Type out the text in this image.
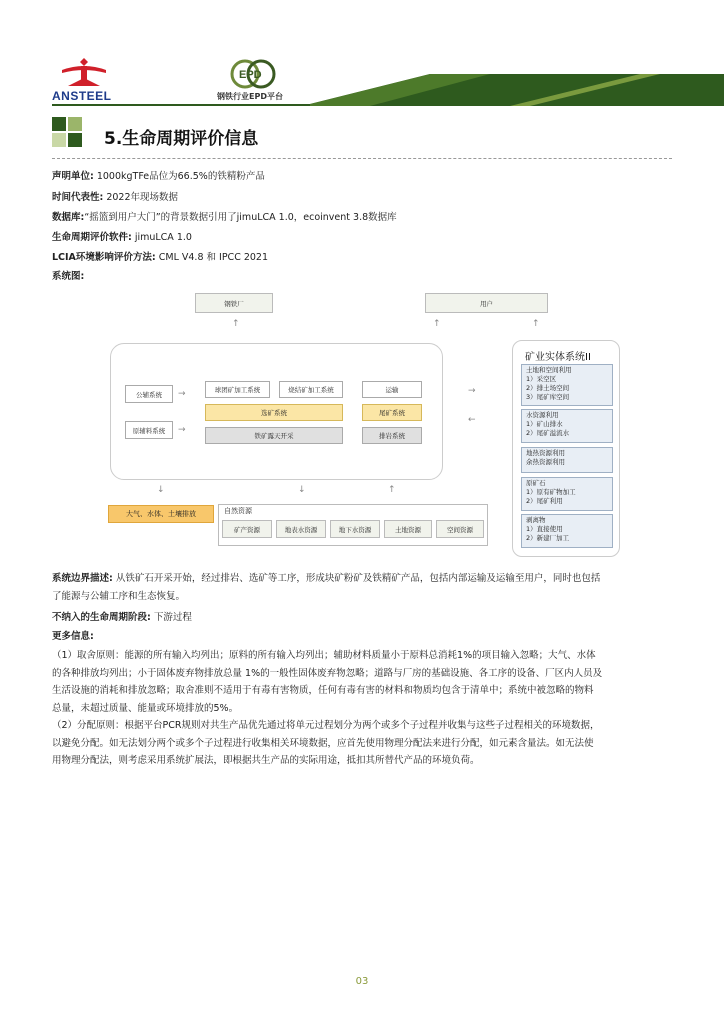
ANSTEEL
EPD
钢铁行业EPD平台
5.生命周期评价信息
声明单位: 1000kgTFe品位为66.5%的铁精粉产品
时间代表性: 2022年现场数据
数据库:“摇篮到用户大门”的背景数据引用了jimuLCA 1.0，ecoinvent 3.8数据库
生命周期评价软件: jimuLCA 1.0
LCIA环境影响评价方法: CML V4.8 和 IPCC 2021
系统图:
钢铁厂	用户
↑	↑	↑
公辅系统
原辅料系统
→
→
球团矿加工系统	烧结矿加工系统
选矿系统
铁矿露天开采
运输
尾矿系统
排岩系统
→
←
↓	↓	↑
大气、水体、土壤排放	自然资源
矿产资源	地表水资源	地下水资源	土地资源	空间资源
矿业实体系统II
土地和空间利用
1）采空区
2）排土场空间
3）尾矿库空间
水资源利用
1）矿山排水
2）尾矿溢流水
地热资源利用
余热资源利用
原矿石
1）原有矿物加工
2）尾矿利用
剥离物
1）直接使用
2）新建厂加工
系统边界描述: 从铁矿石开采开始，经过排岩、选矿等工序，形成块矿粉矿及铁精矿产品，包括内部运输及运输至用户，同时也包括
了能源与公辅工序和生态恢复。
不纳入的生命周期阶段: 下游过程
更多信息:
（1）取舍原则：能源的所有输入均列出；原料的所有输入均列出；辅助材料质量小于原料总消耗1%的项目输入忽略；大气、水体
的各种排放均列出；小于固体废弃物排放总量 1%的一般性固体废弃物忽略；道路与厂房的基础设施、各工序的设备、厂区内人员及
生活设施的消耗和排放忽略；取舍准则不适用于有毒有害物质，任何有毒有害的材料和物质均包含于清单中；系统中被忽略的物料
总量，未超过质量、能量或环境排放的5%。
（2）分配原则：根据平台PCR规则对共生产品优先通过将单元过程划分为两个或多个子过程并收集与这些子过程相关的环境数据，
以避免分配。如无法划分两个或多个子过程进行收集相关环境数据，应首先使用物理分配法来进行分配，如元素含量法。如无法使
用物理分配法，则考虑采用系统扩展法，即根据共生产品的实际用途，抵扣其所替代产品的环境负荷。
03
